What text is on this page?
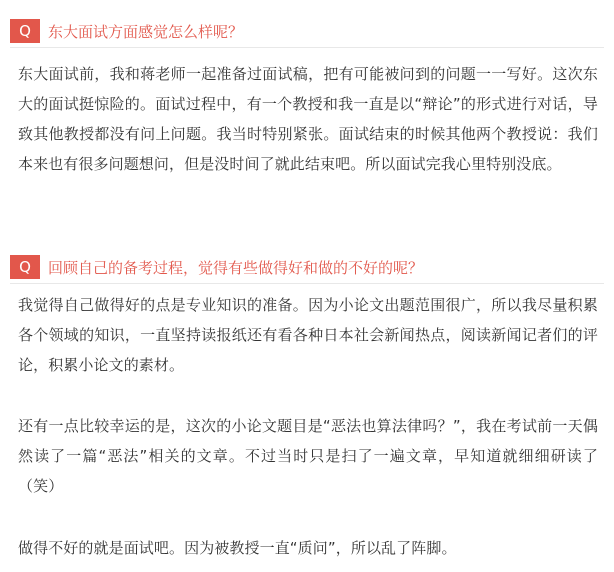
Q	东大面试方面感觉怎么样呢？
东大面试前，我和蒋老师一起准备过面试稿，把有可能被问到的问题一一写好。这次东大的面试挺惊险的。面试过程中，有一个教授和我一直是以“辩论”的形式进行对话，导致其他教授都没有问上问题。我当时特别紧张。面试结束的时候其他两个教授说：我们本来也有很多问题想问，但是没时间了就此结束吧。所以面试完我心里特别没底。
Q	回顾自己的备考过程，觉得有些做得好和做的不好的呢？
我觉得自己做得好的点是专业知识的准备。因为小论文出题范围很广，所以我尽量积累各个领域的知识，一直坚持读报纸还有看各种日本社会新闻热点，阅读新闻记者们的评论，积累小论文的素材。
还有一点比较幸运的是，这次的小论文题目是“恶法也算法律吗？”，我在考试前一天偶然读了一篇“恶法”相关的文章。不过当时只是扫了一遍文章，早知道就细细研读了（笑）
做得不好的就是面试吧。因为被教授一直“质问”，所以乱了阵脚。
